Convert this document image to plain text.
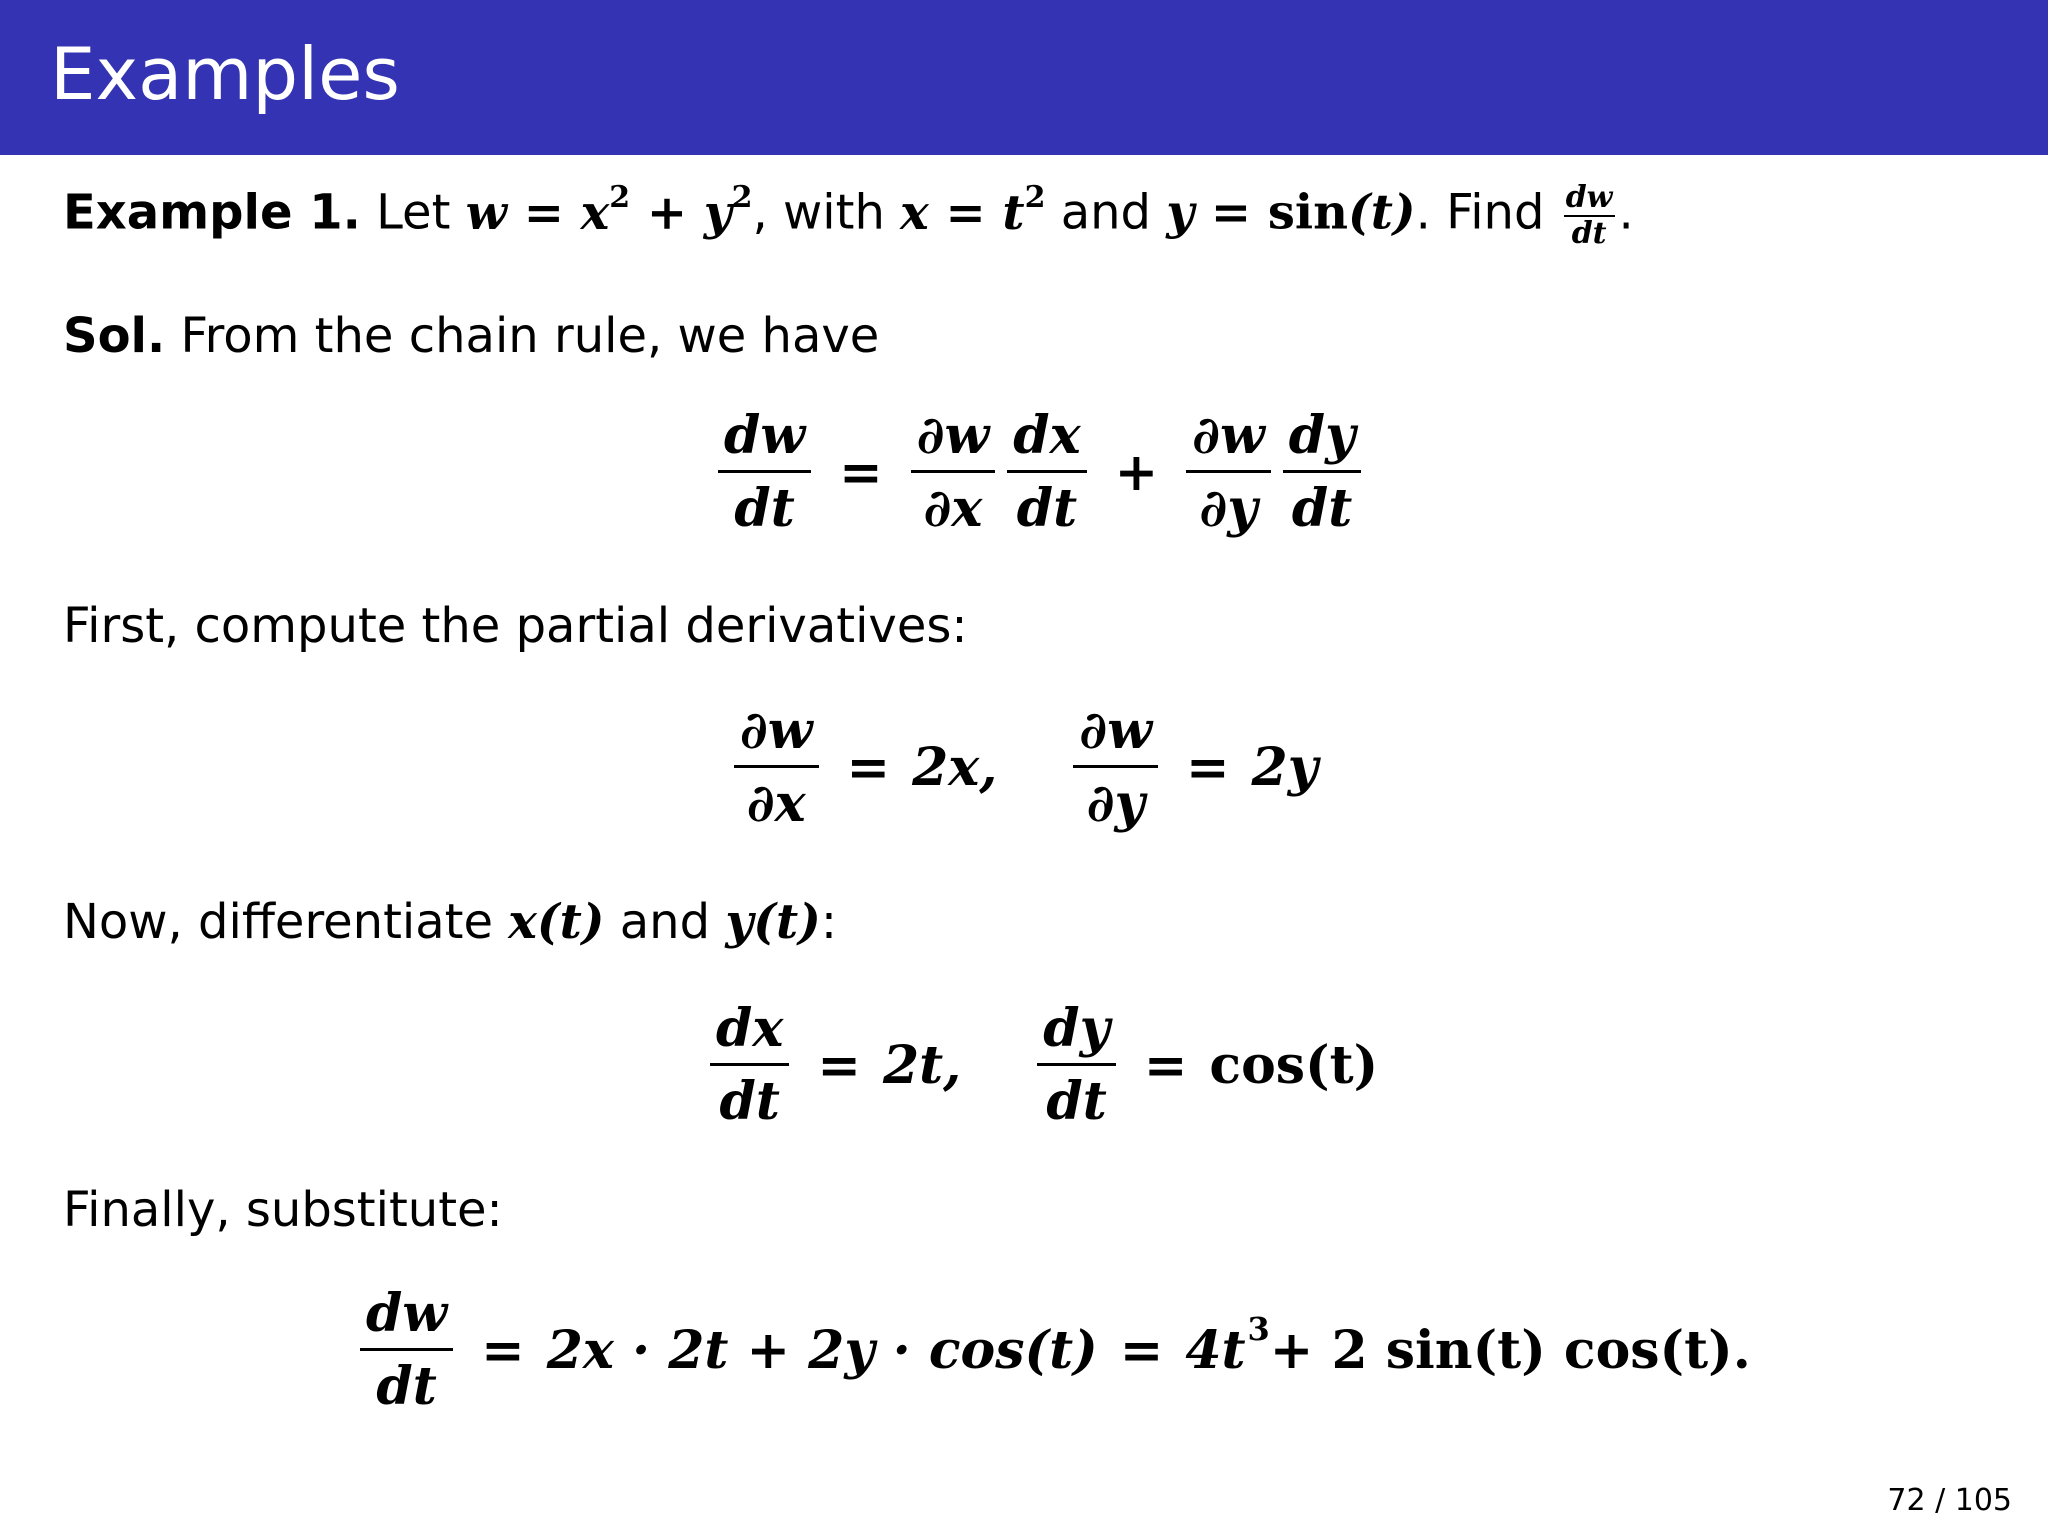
Examples
Example 1. Let $w = x^2 + y^2$, with $x = t^2$ and y = sin(t). Find $\frac{dw}{dt}$ .
Sol. From the chain rule, we have
$\frac{dw}{dt} = \frac{\partial w}{\partial x} \frac{dx}{dt} + \frac{\partial w}{\partial y} \frac{dy}{dt}$
First, compute the partial derivatives:
$\frac{\partial w}{\partial x} = 2x$, $\frac{\partial w}{\partial y} = 2y$
Now, differentiate x(t) and y(t):
$\frac{dx}{dt} = 2t$, $\frac{dy}{dt} = \cos(t)$
Finally, substitute:
$\frac{dw}{dt} = 2x \cdot 2t + 2y \cdot \cos(t) = 4t$ 3 + 2 sin(t) cos(t).
72 / 105
